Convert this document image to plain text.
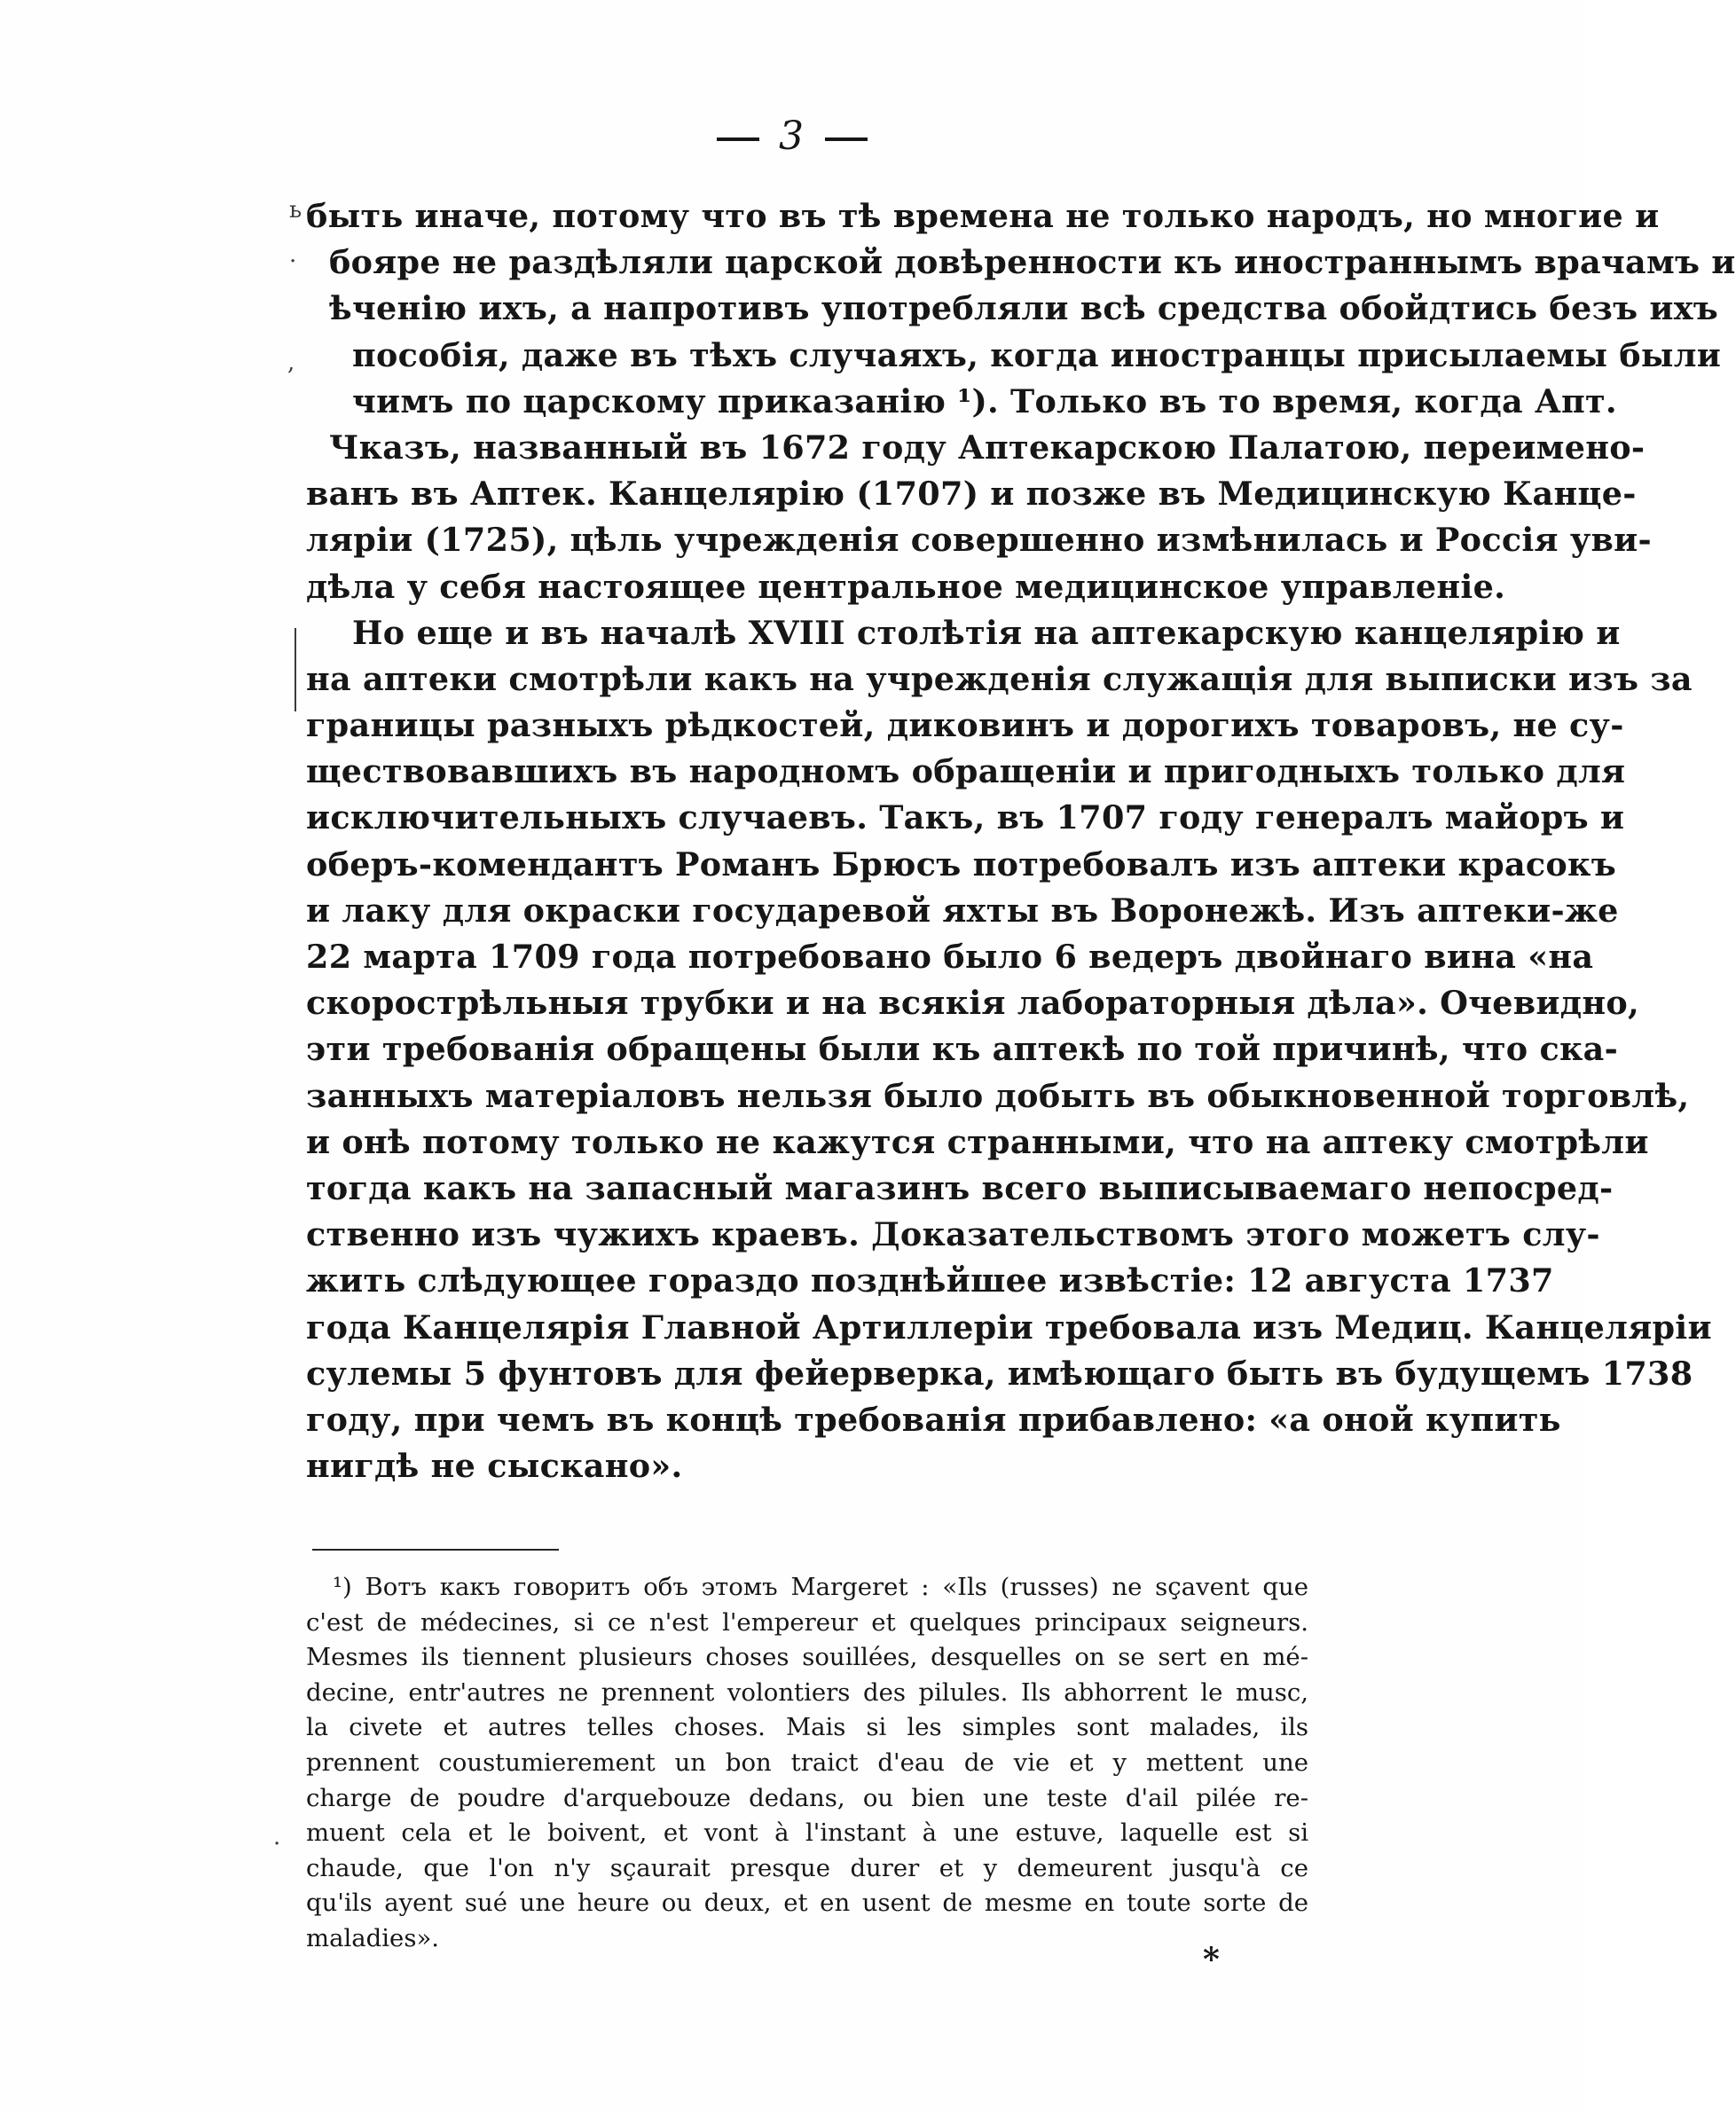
3
ь
·
,
·
быть иначе, потому что въ тѣ времена не только народъ, но многие и
бояре не раздѣляли царской довѣренности къ иностраннымъ врачамъ и
ѣченію ихъ, а напротивъ употребляли всѣ средства обойдтись безъ ихъ
пособія, даже въ тѣхъ случаяхъ, когда иностранцы присылаемы были
чимъ по царскому приказанію ¹). Только въ то время, когда Апт.
Чказъ, названный въ 1672 году Аптекарскою Палатою, переимено-
ванъ въ Аптек. Канцелярію (1707) и позже въ Медицинскую Канце-
ляріи (1725), цѣль учрежденія совершенно измѣнилась и Россія уви-
дѣла у себя настоящее центральное медицинское управленіе.
Но еще и въ началѣ XVIII столѣтія на аптекарскую канцелярію и
на аптеки смотрѣли какъ на учрежденія служащія для выписки изъ за
границы разныхъ рѣдкостей, диковинъ и дорогихъ товаровъ, не су-
ществовавшихъ въ народномъ обращеніи и пригодныхъ только для
исключительныхъ случаевъ. Такъ, въ 1707 году генералъ майоръ и
оберъ-комендантъ Романъ Брюсъ потребовалъ изъ аптеки красокъ
и лаку для окраски государевой яхты въ Воронежѣ. Изъ аптеки-же
22 марта 1709 года потребовано было 6 ведеръ двойнаго вина «на
скорострѣльныя трубки и на всякія лабораторныя дѣла». Очевидно,
эти требованія обращены были къ аптекѣ по той причинѣ, что ска-
занныхъ матеріаловъ нельзя было добыть въ обыкновенной торговлѣ,
и онѣ потому только не кажутся странными, что на аптеку смотрѣли
тогда какъ на запасный магазинъ всего выписываемаго непосред-
ственно изъ чужихъ краевъ. Доказательствомъ этого можетъ слу-
жить слѣдующее гораздо позднѣйшее извѣстіе: 12 августа 1737
года Канцелярія Главной Артиллеріи требовала изъ Медиц. Канцеляріи
сулемы 5 фунтовъ для фейерверка, имѣющаго быть въ будущемъ 1738
году, при чемъ въ концѣ требованія прибавлено: «а оной купить
нигдѣ не сыскано».
¹) Вотъ какъ говоритъ объ этомъ Margeret : «Ils (russes) ne sçavent que
c'est de médecines, si ce n'est l'empereur et quelques principaux seigneurs.
Mesmes ils tiennent plusieurs choses souillées, desquelles on se sert en mé-
decine, entr'autres ne prennent volontiers des pilules. Ils abhorrent le musc,
la civete et autres telles choses. Mais si les simples sont malades, ils
prennent coustumierement un bon traict d'eau de vie et y mettent une
charge de poudre d'arquebouze dedans, ou bien une teste d'ail pilée re-
muent cela et le boivent, et vont à l'instant à une estuve, laquelle est si
chaude, que l'on n'y sçaurait presque durer et y demeurent jusqu'à ce
qu'ils ayent sué une heure ou deux, et en usent de mesme en toute sorte de
maladies».
*
